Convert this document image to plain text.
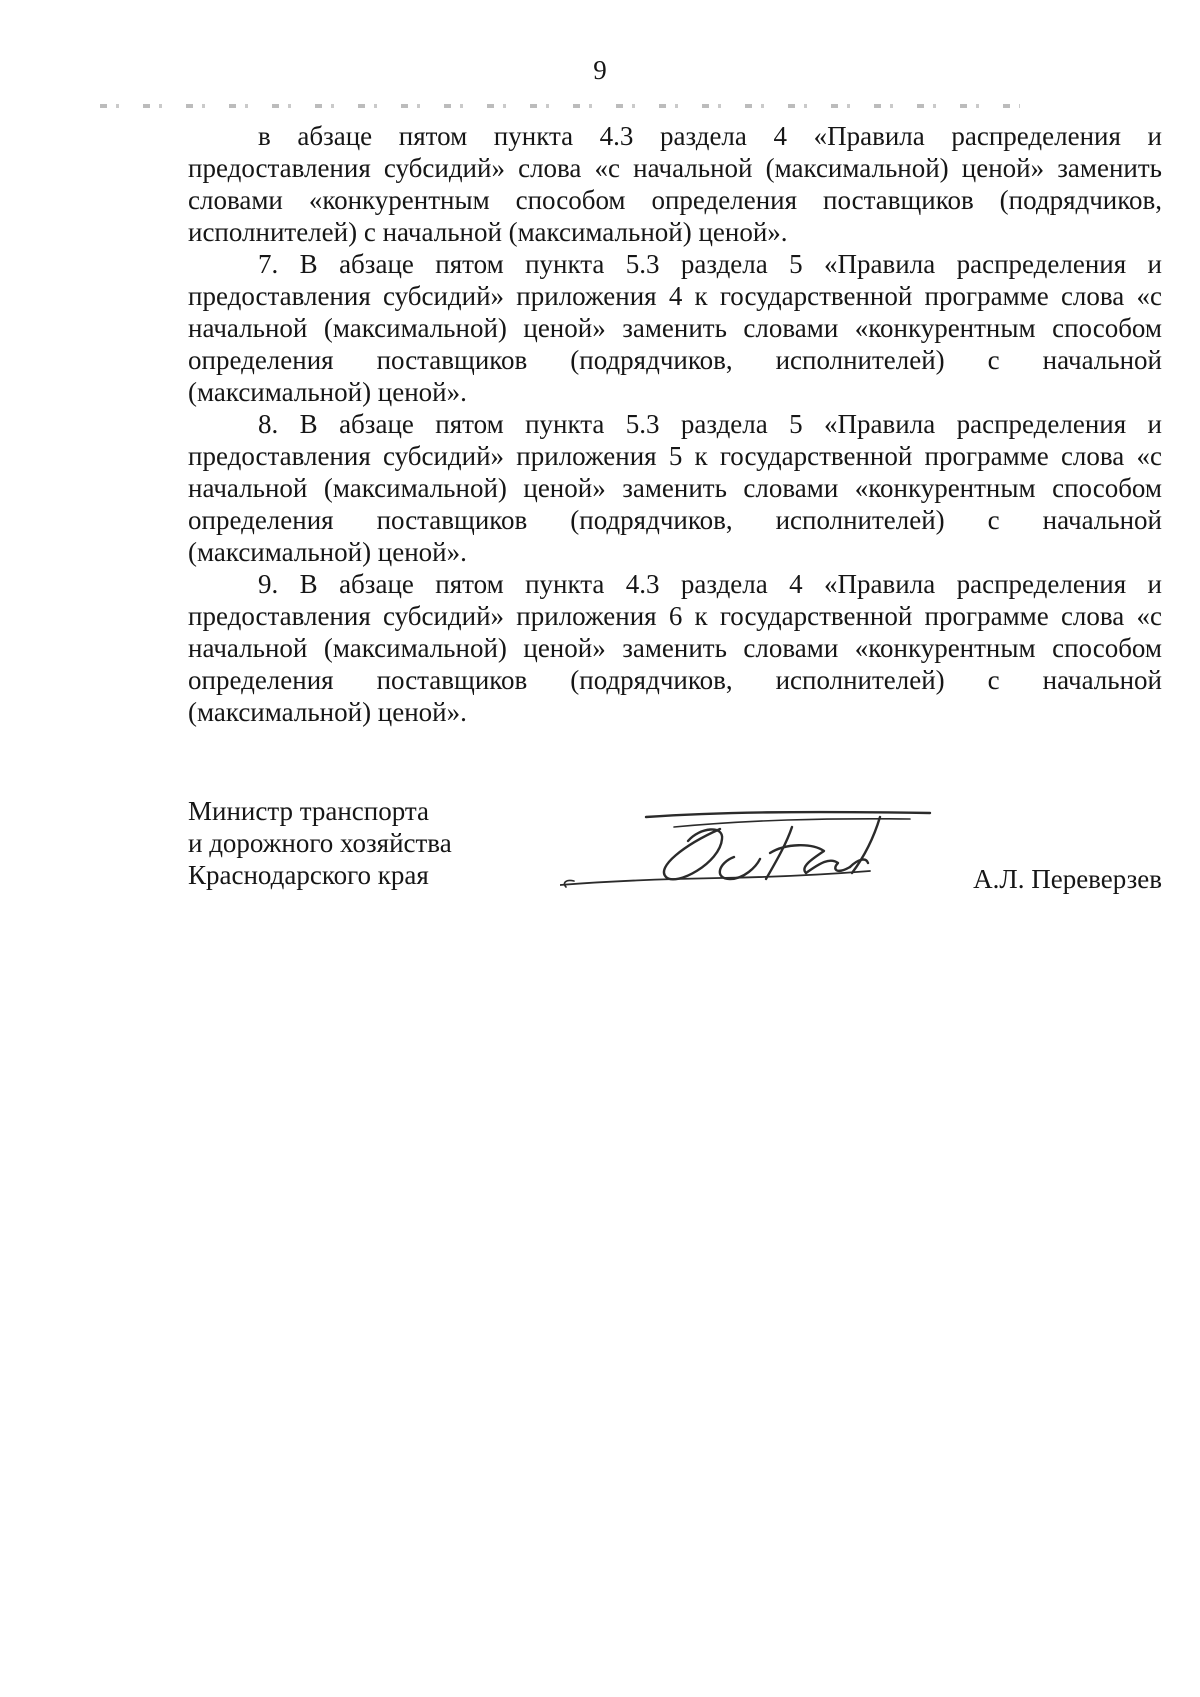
9

в абзаце пятом пункта 4.3 раздела 4 «Правила распределения и предоставления субсидий» слова «с начальной (максимальной) ценой» заменить словами «конкурентным способом определения поставщиков (подрядчиков, исполнителей) с начальной (максимальной) ценой».

7. В абзаце пятом пункта 5.3 раздела 5 «Правила распределения и предоставления субсидий» приложения 4 к государственной программе слова «с начальной (максимальной) ценой» заменить словами «конкурентным способом определения поставщиков (подрядчиков, исполнителей) с начальной (максимальной) ценой».

8. В абзаце пятом пункта 5.3 раздела 5 «Правила распределения и предоставления субсидий» приложения 5 к государственной программе слова «с начальной (максимальной) ценой» заменить словами «конкурентным способом определения поставщиков (подрядчиков, исполнителей) с начальной (максимальной) ценой».

9. В абзаце пятом пункта 4.3 раздела 4 «Правила распределения и предоставления субсидий» приложения 6 к государственной программе слова «с начальной (максимальной) ценой» заменить словами «конкурентным способом определения поставщиков (подрядчиков, исполнителей) с начальной (максимальной) ценой».

Министр транспорта
и дорожного хозяйства
Краснодарского края	А.Л. Переверзев
